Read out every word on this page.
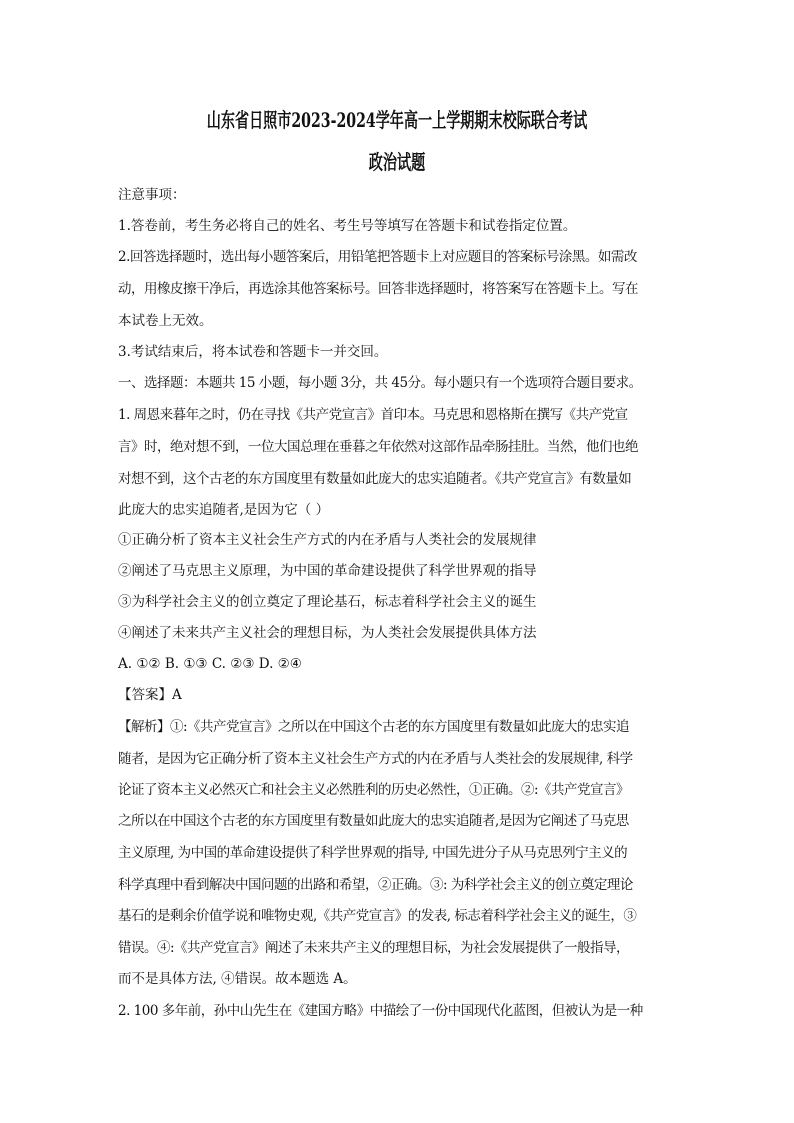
山东省日照市2023-2024学年高一上学期期末校际联合考试
政治试题
注意事项：
1.答卷前，考生务必将自己的姓名、考生号等填写在答题卡和试卷指定位置。
2.回答选择题时，选出每小题答案后，用铅笔把答题卡上对应题目的答案标号涂黑。如需改
动，用橡皮擦干净后，再选涂其他答案标号。回答非选择题时，将答案写在答题卡上。写在
本试卷上无效。
3.考试结束后，将本试卷和答题卡一并交回。
一、选择题：本题共 15 小题，每小题 3分，共 45分。每小题只有一个选项符合题目要求。
1. 周恩来暮年之时，仍在寻找《共产党宣言》首印本。马克思和恩格斯在撰写《共产党宣
言》时，绝对想不到，一位大国总理在垂暮之年依然对这部作品牵肠挂肚。当然，他们也绝
对想不到，这个古老的东方国度里有数量如此庞大的忠实追随者。《共产党宣言》有数量如
此庞大的忠实追随者,是因为它（ ）
①正确分析了资本主义社会生产方式的内在矛盾与人类社会的发展规律
②阐述了马克思主义原理，为中国的革命建设提供了科学世界观的指导
③为科学社会主义的创立奠定了理论基石，标志着科学社会主义的诞生
④阐述了未来共产主义社会的理想目标，为人类社会发展提供具体方法
A. ①② B. ①③ C. ②③ D. ②④
【答案】A
【解析】①:《共产党宣言》之所以在中国这个古老的东方国度里有数量如此庞大的忠实追
随者，是因为它正确分析了资本主义社会生产方式的内在矛盾与人类社会的发展规律, 科学
论证了资本主义必然灭亡和社会主义必然胜利的历史必然性，①正确。②:《共产党宣言》
之所以在中国这个古老的东方国度里有数量如此庞大的忠实追随者,是因为它阐述了马克思
主义原理, 为中国的革命建设提供了科学世界观的指导, 中国先进分子从马克思列宁主义的
科学真理中看到解决中国问题的出路和希望，②正确。③: 为科学社会主义的创立奠定理论
基石的是剩余价值学说和唯物史观,《共产党宣言》的发表, 标志着科学社会主义的诞生，③
错误。④:《共产党宣言》阐述了未来共产主义的理想目标，为社会发展提供了一般指导，
而不是具体方法, ④错误。故本题选 A。
2. 100 多年前，孙中山先生在《建国方略》中描绘了一份中国现代化蓝图，但被认为是一种
